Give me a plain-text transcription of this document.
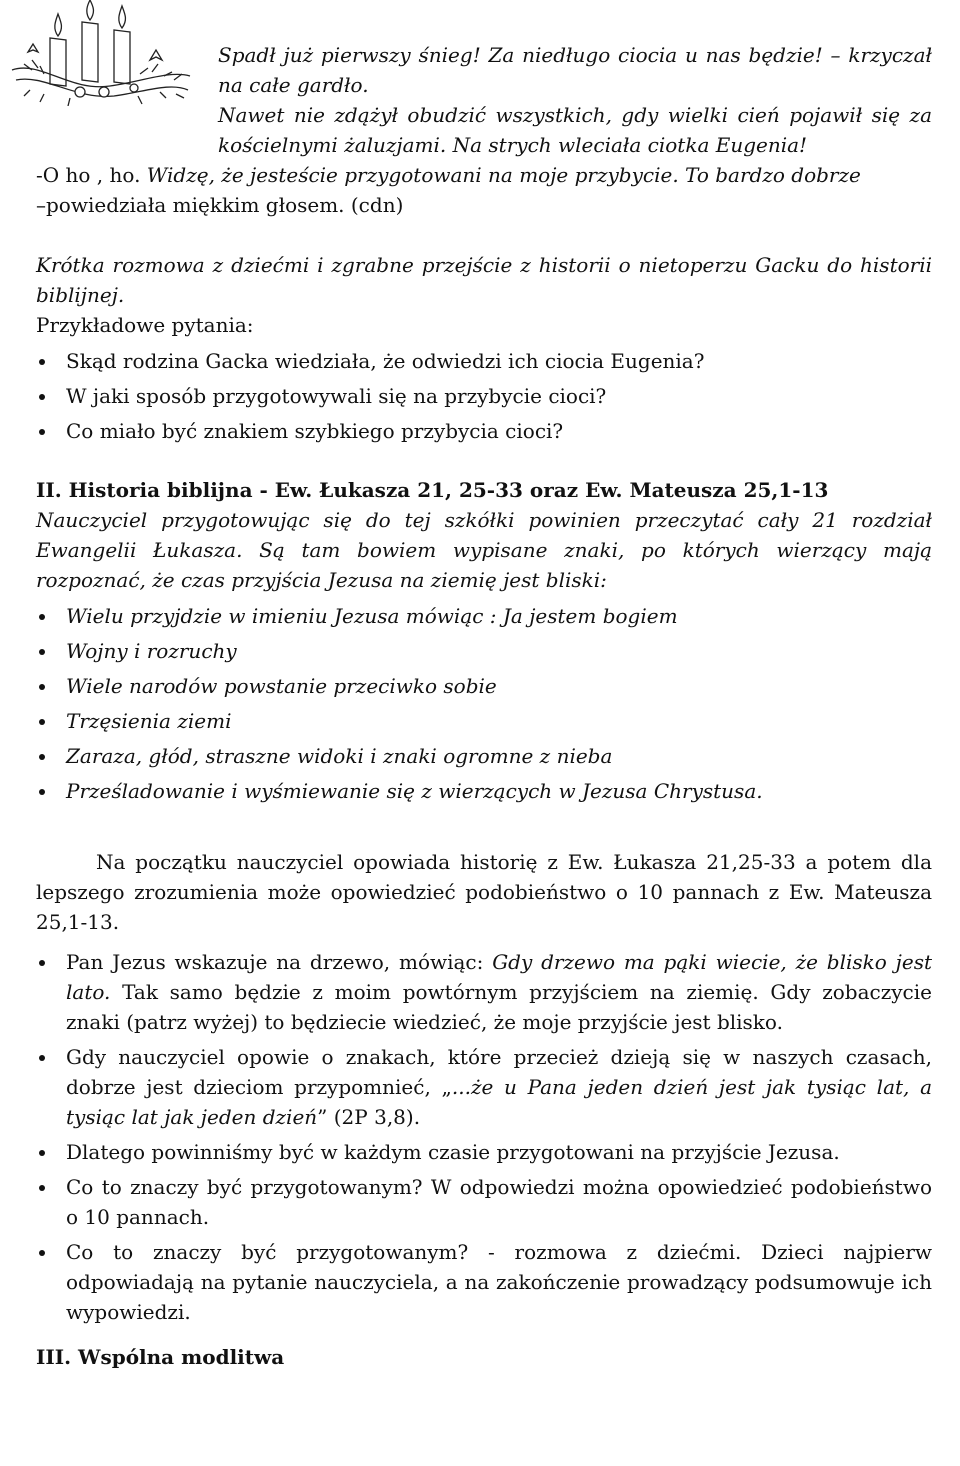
Spadł już pierwszy śnieg! Za niedługo ciocia u nas będzie! – krzyczał na całe gardło.

Nawet nie zdążył obudzić wszystkich, gdy wielki cień pojawił się za kościelnymi żaluzjami. Na strych wleciała ciotka Eugenia!

-O ho , ho. Widzę, że jesteście przygotowani na moje przybycie. To bardzo dobrze

–powiedziała miękkim głosem. (cdn)

Krótka rozmowa z dziećmi i zgrabne przejście z historii o nietoperzu Gacku do historii biblijnej.

Przykładowe pytania:

Skąd rodzina Gacka wiedziała, że odwiedzi ich ciocia Eugenia?
W jaki sposób przygotowywali się na przybycie cioci?
Co miało być znakiem szybkiego przybycia cioci?
II. Historia biblijna - Ew. Łukasza 21, 25-33 oraz Ew. Mateusza 25,1-13

Nauczyciel przygotowując się do tej szkółki powinien przeczytać cały 21 rozdział Ewangelii Łukasza. Są tam bowiem wypisane znaki, po których wierzący mają rozpoznać, że czas przyjścia Jezusa na ziemię jest bliski:

Wielu przyjdzie w imieniu Jezusa mówiąc : Ja jestem bogiem
Wojny i rozruchy
Wiele narodów powstanie przeciwko sobie
Trzęsienia ziemi
Zaraza, głód, straszne widoki i znaki ogromne z nieba
Prześladowanie i wyśmiewanie się z wierzących w Jezusa Chrystusa.

Na początku nauczyciel opowiada historię z Ew. Łukasza 21,25-33 a potem dla lepszego zrozumienia może opowiedzieć podobieństwo o 10 pannach z Ew. Mateusza 25,1-13.

Pan Jezus wskazuje na drzewo, mówiąc: Gdy drzewo ma pąki wiecie, że blisko jest lato. Tak samo będzie z moim powtórnym przyjściem na ziemię. Gdy zobaczycie znaki (patrz wyżej) to będziecie wiedzieć, że moje przyjście jest blisko.
Gdy nauczyciel opowie o znakach, które przecież dzieją się w naszych czasach, dobrze jest dzieciom przypomnieć, „...że u Pana jeden dzień jest jak tysiąc lat, a tysiąc lat jak jeden dzień” (2P 3,8).
Dlatego powinniśmy być w każdym czasie przygotowani na przyjście Jezusa.
Co to znaczy być przygotowanym? W odpowiedzi można opowiedzieć podobieństwo o 10 pannach.
Co to znaczy być przygotowanym? - rozmowa z dziećmi. Dzieci najpierw odpowiadają na pytanie nauczyciela, a na zakończenie prowadzący podsumowuje ich wypowiedzi.
III. Wspólna modlitwa
